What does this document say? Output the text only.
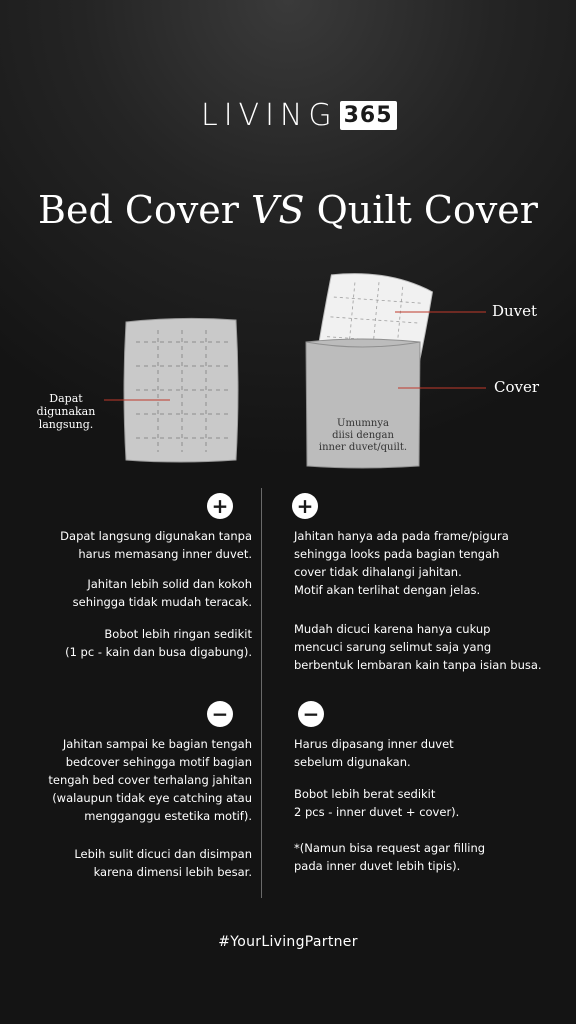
LIVING 365
Bed Cover VS Quilt Cover
Dapat
digunakan
langsung.
Duvet
Cover
Umumnya
diisi dengan
inner duvet/quilt.
+	+
−	−
Dapat langsung digunakan tanpa
harus memasang inner duvet.
Jahitan lebih solid dan kokoh
sehingga tidak mudah teracak.
Bobot lebih ringan sedikit
(1 pc - kain dan busa digabung).
Jahitan hanya ada pada frame/pigura
sehingga looks pada bagian tengah
cover tidak dihalangi jahitan.
Motif akan terlihat dengan jelas.
Mudah dicuci karena hanya cukup
mencuci sarung selimut saja yang
berbentuk lembaran kain tanpa isian busa.
Jahitan sampai ke bagian tengah
bedcover sehingga motif bagian
tengah bed cover terhalang jahitan
(walaupun tidak eye catching atau
mengganggu estetika motif).
Lebih sulit dicuci dan disimpan
karena dimensi lebih besar.
Harus dipasang inner duvet
sebelum digunakan.
Bobot lebih berat sedikit
2 pcs - inner duvet + cover).
*(Namun bisa request agar filling
pada inner duvet lebih tipis).
#YourLivingPartner
